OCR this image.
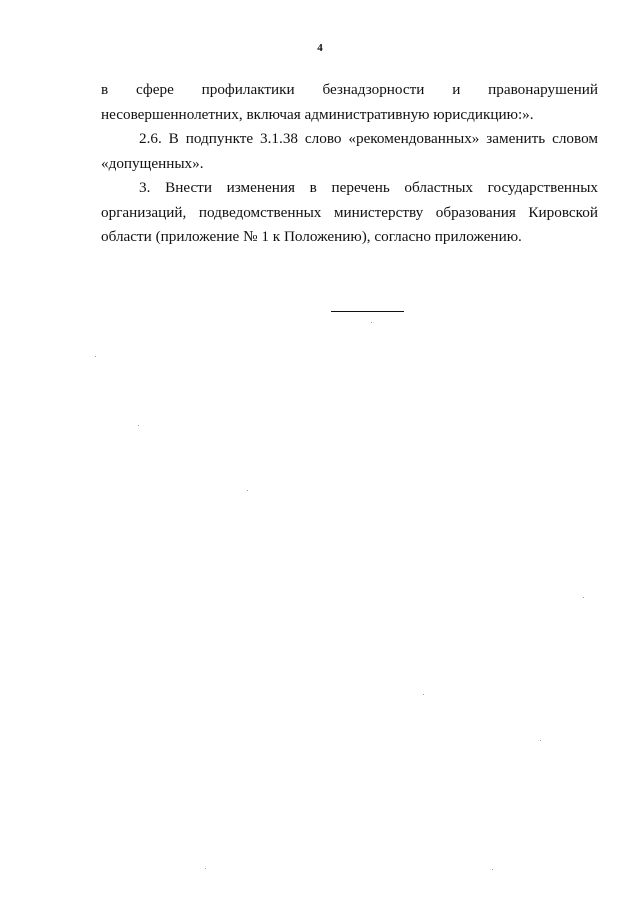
4

в сфере профилактики безнадзорности и правонарушений
несовершеннолетних, включая административную юрисдикцию:».

2.6. В подпункте 3.1.38 слово «рекомендованных» заменить словом «допущенных».

3. Внести изменения в перечень областных государственных организаций, подведомственных министерству образования Кировской области (приложение № 1 к Положению), согласно приложению.
